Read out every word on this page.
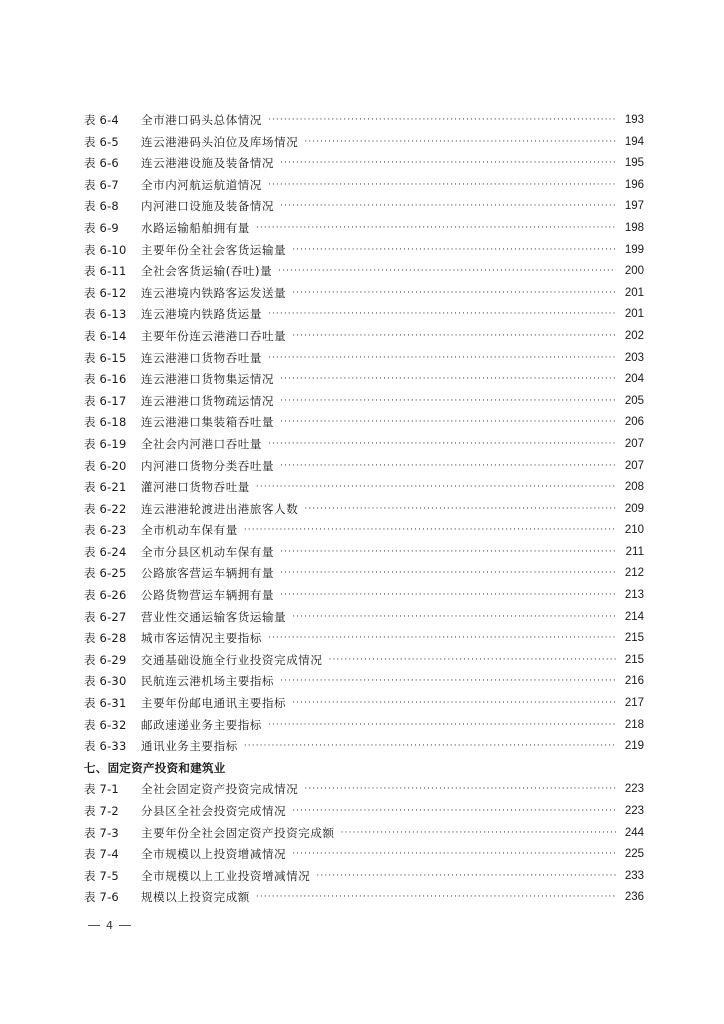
表 6-4	全市港口码头总体情况 ·····	193
表 6-5	连云港港码头泊位及库场情况 ·····	194
表 6-6	连云港港设施及装备情况 ·····	195
表 6-7	全市内河航运航道情况 ·····	196
表 6-8	内河港口设施及装备情况 ·····	197
表 6-9	水路运输船舶拥有量 ·····	198
表 6-10	主要年份全社会客货运输量 ·····	199
表 6-11	全社会客货运输(吞吐)量 ·····	200
表 6-12	连云港境内铁路客运发送量 ·····	201
表 6-13	连云港境内铁路货运量 ·····	201
表 6-14	主要年份连云港港口吞吐量 ·····	202
表 6-15	连云港港口货物吞吐量 ·····	203
表 6-16	连云港港口货物集运情况 ·····	204
表 6-17	连云港港口货物疏运情况 ·····	205
表 6-18	连云港港口集装箱吞吐量 ·····	206
表 6-19	全社会内河港口吞吐量 ·····	207
表 6-20	内河港口货物分类吞吐量 ·····	207
表 6-21	灌河港口货物吞吐量 ·····	208
表 6-22	连云港港轮渡进出港旅客人数 ·····	209
表 6-23	全市机动车保有量 ·····	210
表 6-24	全市分县区机动车保有量 ·····	211
表 6-25	公路旅客营运车辆拥有量 ·····	212
表 6-26	公路货物营运车辆拥有量 ·····	213
表 6-27	营业性交通运输客货运输量 ·····	214
表 6-28	城市客运情况主要指标 ·····	215
表 6-29	交通基础设施全行业投资完成情况 ·····	215
表 6-30	民航连云港机场主要指标 ·····	216
表 6-31	主要年份邮电通讯主要指标 ·····	217
表 6-32	邮政速递业务主要指标 ·····	218
表 6-33	通讯业务主要指标 ·····	219
七、固定资产投资和建筑业
表 7-1	全社会固定资产投资完成情况 ·····	223
表 7-2	分县区全社会投资完成情况 ·····	223
表 7-3	主要年份全社会固定资产投资完成额 ·····	244
表 7-4	全市规模以上投资增减情况 ·····	225
表 7-5	全市规模以上工业投资增减情况 ·····	233
表 7-6	规模以上投资完成额 ·····	236
4
